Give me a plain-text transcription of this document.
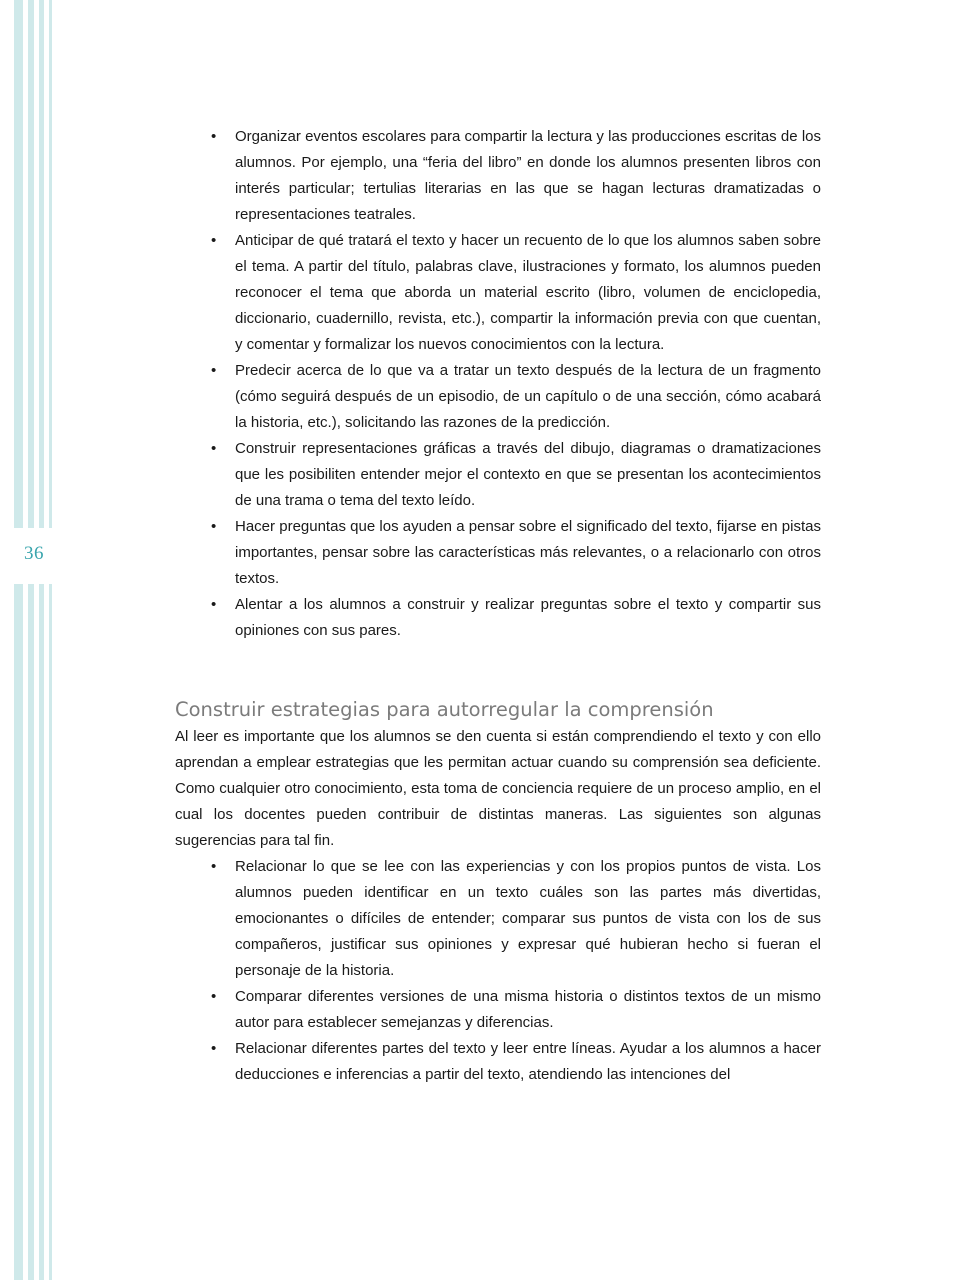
36
• Organizar eventos escolares para compartir la lectura y las producciones escritas de los alumnos. Por ejemplo, una “feria del libro” en donde los alumnos presenten libros con interés particular; tertulias literarias en las que se hagan lecturas dramatizadas o representaciones teatrales.
• Anticipar de qué tratará el texto y hacer un recuento de lo que los alumnos saben sobre el tema. A partir del título, palabras clave, ilustraciones y formato, los alumnos pueden reconocer el tema que aborda un material escrito (libro, volumen de enciclopedia, diccionario, cuadernillo, revista, etc.), compartir la información previa con que cuentan, y comentar y formalizar los nuevos conocimientos con la lectura.
• Predecir acerca de lo que va a tratar un texto después de la lectura de un fragmento (cómo seguirá después de un episodio, de un capítulo o de una sección, cómo acabará la historia, etc.), solicitando las razones de la predicción.
• Construir representaciones gráficas a través del dibujo, diagramas o dramatizaciones que les posibiliten entender mejor el contexto en que se presentan los acontecimientos de una trama o tema del texto leído.
• Hacer preguntas que los ayuden a pensar sobre el significado del texto, fijarse en pistas importantes, pensar sobre las características más relevantes, o a relacionarlo con otros textos.
• Alentar a los alumnos a construir y realizar preguntas sobre el texto y compartir sus opiniones con sus pares.
Construir estrategias para autorregular la comprensión

Al leer es importante que los alumnos se den cuenta si están comprendiendo el texto y con ello aprendan a emplear estrategias que les permitan actuar cuando su comprensión sea deficiente. Como cualquier otro conocimiento, esta toma de conciencia requiere de un proceso amplio, en el cual los docentes pueden contribuir de distintas maneras. Las siguientes son algunas sugerencias para tal fin.

• Relacionar lo que se lee con las experiencias y con los propios puntos de vista. Los alumnos pueden identificar en un texto cuáles son las partes más divertidas, emocionantes o difíciles de entender; comparar sus puntos de vista con los de sus compañeros, justificar sus opiniones y expresar qué hubieran hecho si fueran el personaje de la historia.
• Comparar diferentes versiones de una misma historia o distintos textos de un mismo autor para establecer semejanzas y diferencias.
• Relacionar diferentes partes del texto y leer entre líneas. Ayudar a los alumnos a hacer deducciones e inferencias a partir del texto, atendiendo las intenciones del
